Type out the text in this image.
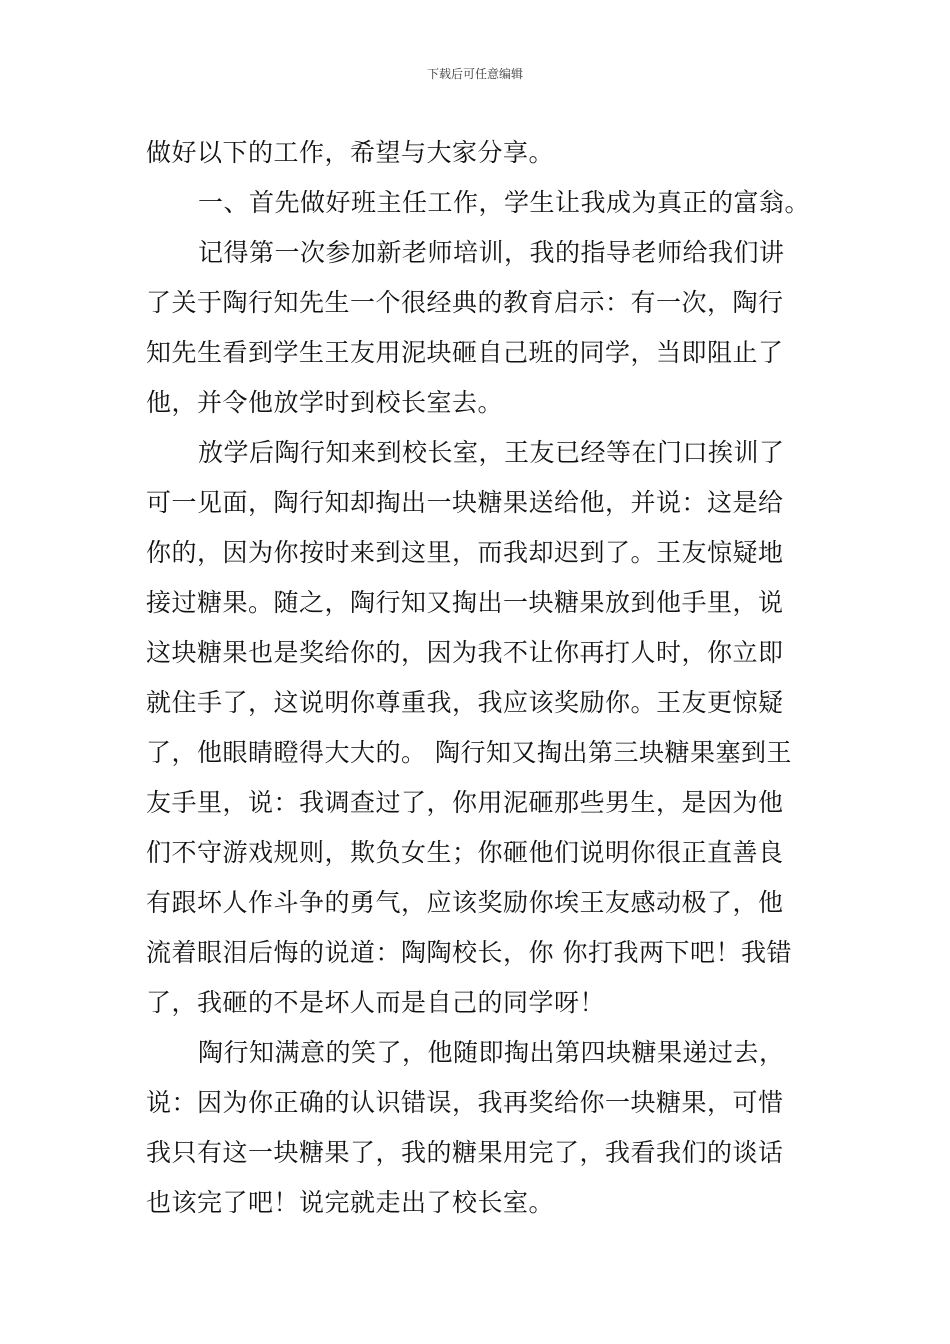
下载后可任意编辑
做好以下的工作，希望与大家分享。
一、首先做好班主任工作，学生让我成为真正的富翁。
记得第一次参加新老师培训，我的指导老师给我们讲
了关于陶行知先生一个很经典的教育启示：有一次，陶行
知先生看到学生王友用泥块砸自己班的同学，当即阻止了
他，并令他放学时到校长室去。
放学后陶行知来到校长室，王友已经等在门口挨训了
可一见面，陶行知却掏出一块糖果送给他，并说：这是给
你的，因为你按时来到这里，而我却迟到了。王友惊疑地
接过糖果。随之，陶行知又掏出一块糖果放到他手里，说
这块糖果也是奖给你的，因为我不让你再打人时，你立即
就住手了，这说明你尊重我，我应该奖励你。王友更惊疑
了，他眼睛瞪得大大的。 陶行知又掏出第三块糖果塞到王
友手里，说：我调查过了，你用泥砸那些男生，是因为他
们不守游戏规则，欺负女生；你砸他们说明你很正直善良
有跟坏人作斗争的勇气，应该奖励你埃王友感动极了，他
流着眼泪后悔的说道：陶陶校长，你 你打我两下吧！我错
了，我砸的不是坏人而是自己的同学呀！
陶行知满意的笑了，他随即掏出第四块糖果递过去，
说：因为你正确的认识错误，我再奖给你一块糖果，可惜
我只有这一块糖果了，我的糖果用完了，我看我们的谈话
也该完了吧！说完就走出了校长室。
